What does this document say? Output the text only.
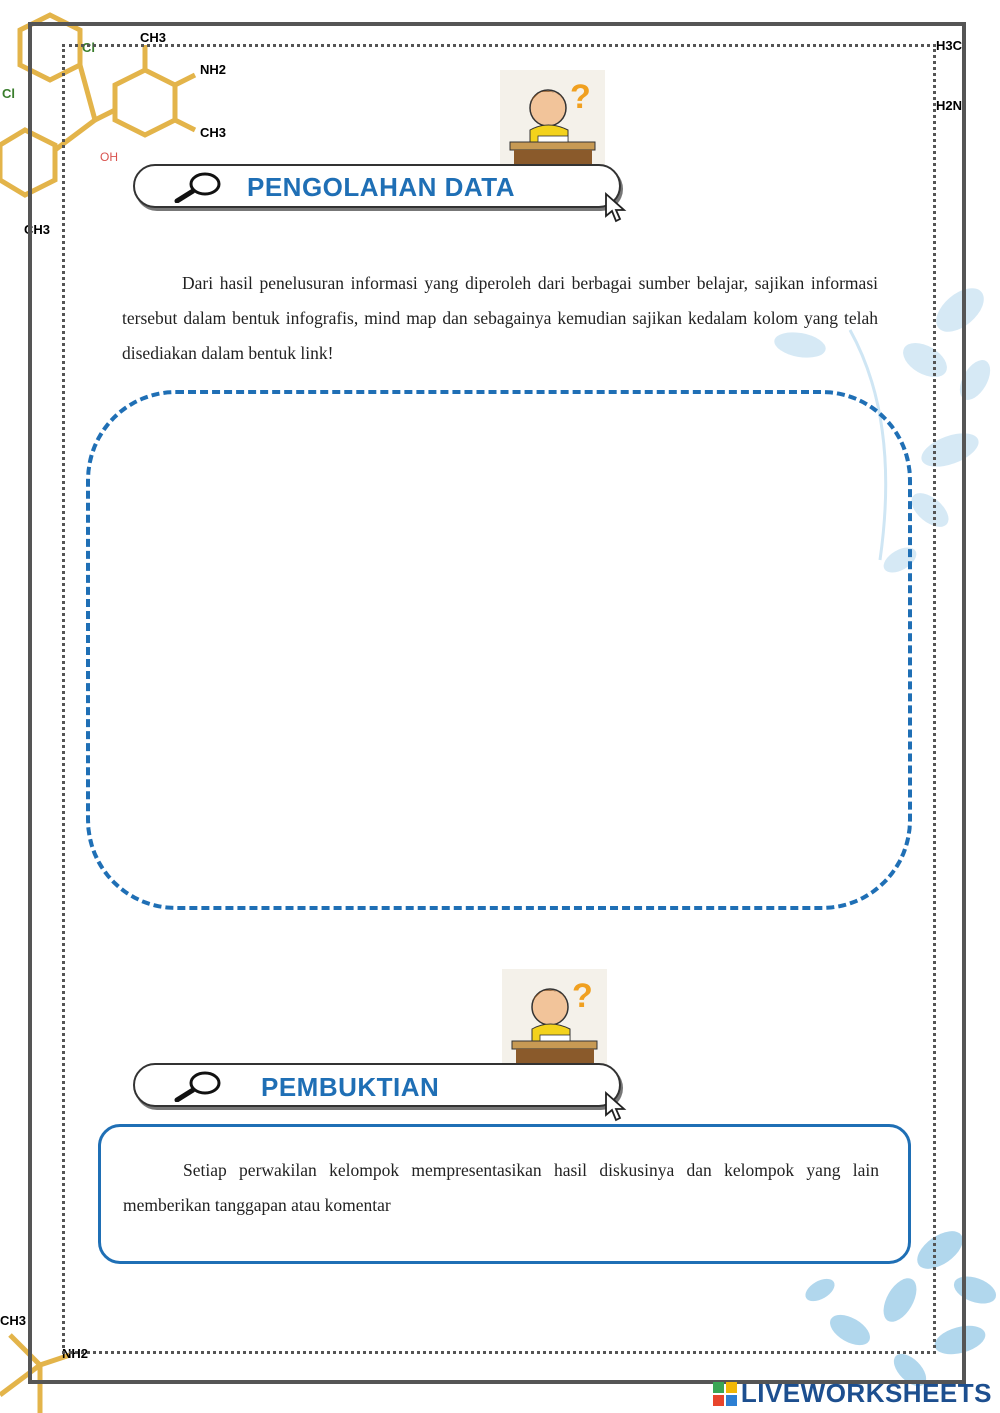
CH3
NH2
CH3
OH
Cl
Cl
CH3
H3C
H2N
CH3
NH2
?
PENGOLAHAN DATA
Dari hasil penelusuran informasi yang diperoleh dari berbagai sumber belajar, sajikan informasi tersebut dalam bentuk infografis, mind map dan sebagainya kemudian sajikan kedalam kolom yang telah disediakan dalam bentuk link!
?
PEMBUKTIAN
Setiap perwakilan kelompok mempresentasikan hasil diskusinya dan kelompok yang lain memberikan tanggapan atau komentar
LIVEWORKSHEETS
